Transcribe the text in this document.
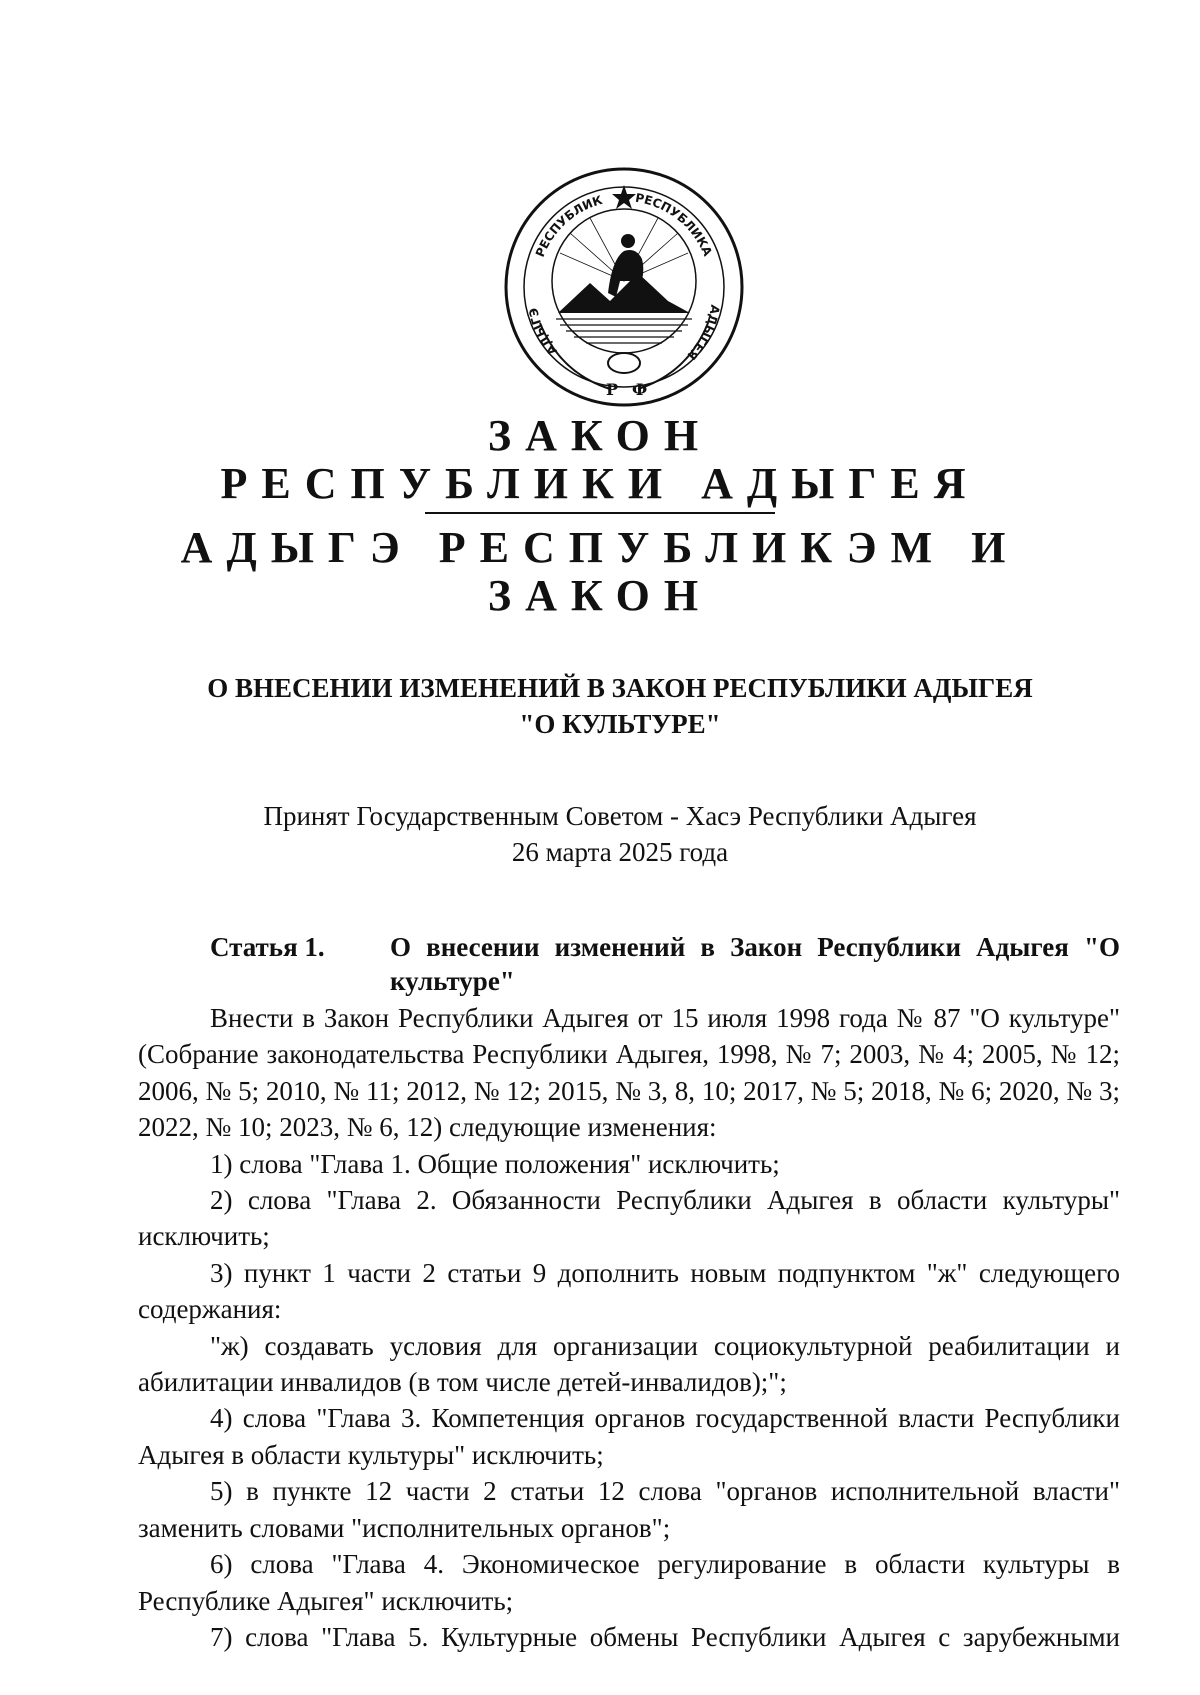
РЕСПУБЛИК	РЕСПУБЛИКА
АДЫГЭ	АДЫГЕЯ
Р Ф

ЗАКОН

РЕСПУБЛИКИ АДЫГЕЯ

АДЫГЭ РЕСПУБЛИКЭМ И

ЗАКОН

О ВНЕСЕНИИ ИЗМЕНЕНИЙ В ЗАКОН РЕСПУБЛИКИ АДЫГЕЯ
"О КУЛЬТУРЕ"
Принят Государственным Советом - Хасэ Республики Адыгея
26 марта 2025 года
Статья 1. О внесении изменений в Закон Республики Адыгея "О культуре"

Внести в Закон Республики Адыгея от 15 июля 1998 года № 87 "О культуре" (Собрание законодательства Республики Адыгея, 1998, № 7; 2003, № 4; 2005, № 12; 2006, № 5; 2010, № 11; 2012, № 12; 2015, № 3, 8, 10; 2017, № 5; 2018, № 6; 2020, № 3; 2022, № 10; 2023, № 6, 12) следующие изменения:

1) слова "Глава 1. Общие положения" исключить;

2) слова "Глава 2. Обязанности Республики Адыгея в области культуры" исключить;

3) пункт 1 части 2 статьи 9 дополнить новым подпунктом "ж" следующего содержания:

"ж) создавать условия для организации социокультурной реабилитации и абилитации инвалидов (в том числе детей-инвалидов);";

4) слова "Глава 3. Компетенция органов государственной власти Республики Адыгея в области культуры" исключить;

5) в пункте 12 части 2 статьи 12 слова "органов исполнительной власти" заменить словами "исполнительных органов";

6) слова "Глава 4. Экономическое регулирование в области культуры в Республике Адыгея" исключить;

7) слова "Глава 5. Культурные обмены Республики Адыгея с зарубежными
